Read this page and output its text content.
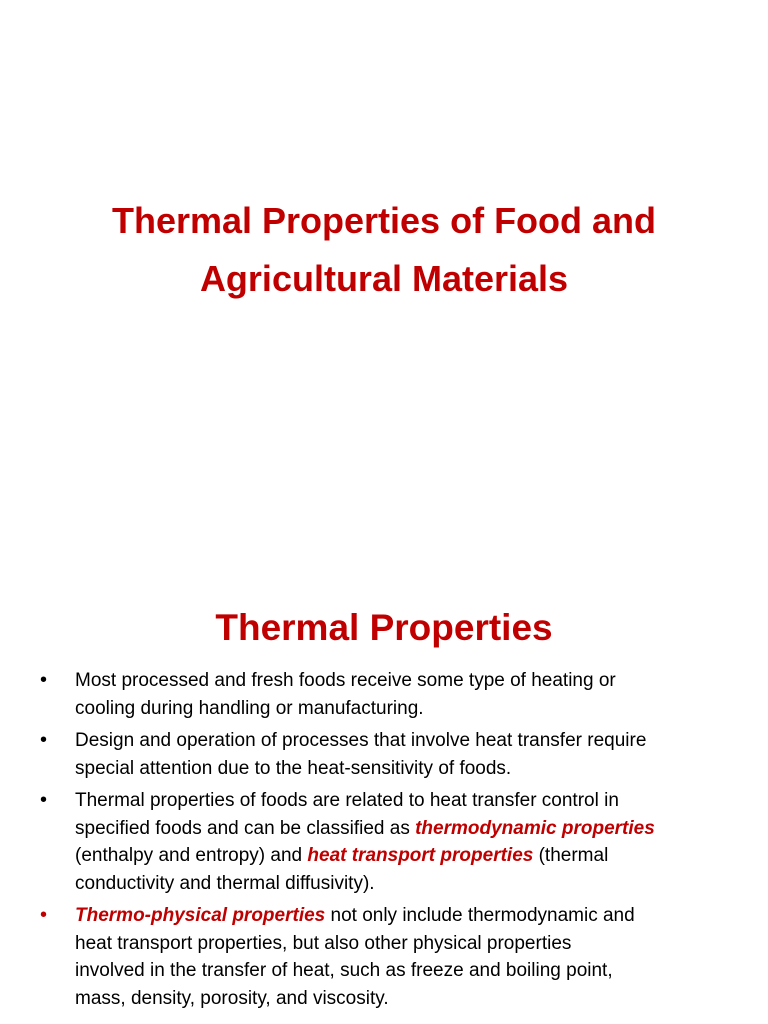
Thermal Properties of Food and
Agricultural Materials
Thermal Properties
• Most processed and fresh foods receive some type of heating or
cooling during handling or manufacturing.
• Design and operation of processes that involve heat transfer require
special attention due to the heat-sensitivity of foods.
• Thermal properties of foods are related to heat transfer control in
specified foods and can be classified as thermodynamic properties
(enthalpy and entropy) and heat transport properties (thermal
conductivity and thermal diffusivity).
• Thermo-physical properties not only include thermodynamic and
heat transport properties, but also other physical properties
involved in the transfer of heat, such as freeze and boiling point,
mass, density, porosity, and viscosity.
